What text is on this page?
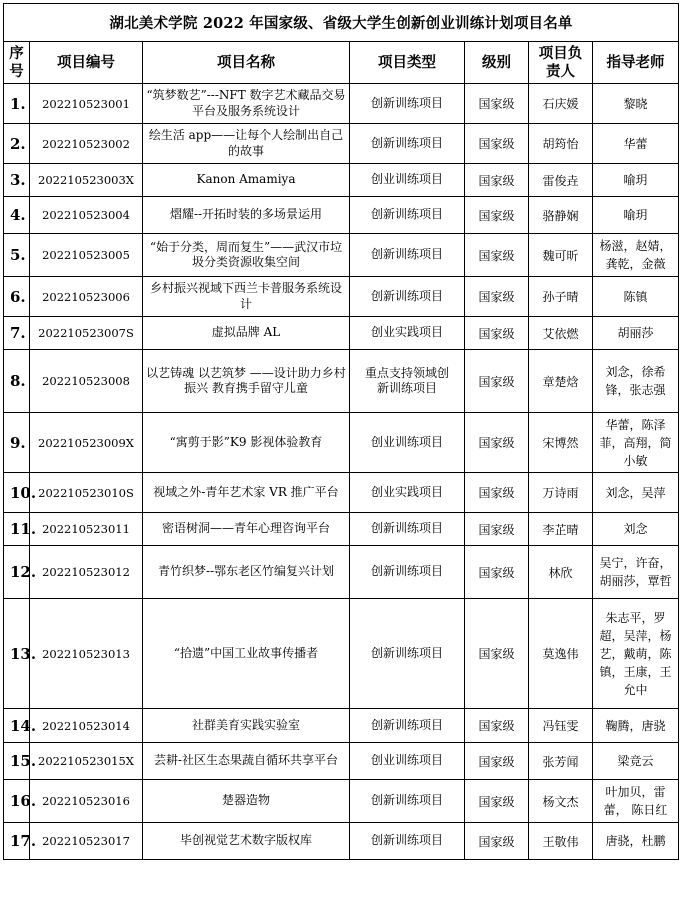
湖北美术学院 2022 年国家级、省级大学生创新创业训练计划项目名单						
序号	项目编号	项目名称	项目类型	级别	项目负责人	指导老师
1.	202210523001	“筑梦数艺”---NFT 数字艺术藏品交易平台及服务系统设计	创新训练项目	国家级	石庆媛	黎晓
2.	202210523002	绘生活 app——让每个人绘制出自己的故事	创新训练项目	国家级	胡筠怡	华蕾
3.	202210523003X	Kanon Amamiya	创业训练项目	国家级	雷俊垚	喻玥
4.	202210523004	熠耀--开拓时装的多场景运用	创新训练项目	国家级	骆静娴	喻玥
5.	202210523005	“始于分类，周而复生”——武汉市垃圾分类资源收集空间	创新训练项目	国家级	魏可昕	杨滋，赵婧，龚乾，金薇
6.	202210523006	乡村振兴视域下西兰卡普服务系统设计	创新训练项目	国家级	孙子晴	陈镇
7.	202210523007S	虚拟品牌 AL	创业实践项目	国家级	艾依燃	胡丽莎
8.	202210523008	以艺铸魂 以艺筑梦 ——设计助力乡村振兴 教育携手留守儿童	重点支持领域创新训练项目	国家级	章楚焓	刘念，徐希锋，张志强
9.	202210523009X	“寓剪于影”K9 影视体验教育	创业训练项目	国家级	宋博然	华蕾，陈泽菲，高翔，简小敏
10.	202210523010S	视域之外-青年艺术家 VR 推广平台	创业实践项目	国家级	万诗雨	刘念，吴萍
11.	202210523011	密语树洞——青年心理咨询平台	创新训练项目	国家级	李芷晴	刘念
12.	202210523012	青竹织梦--鄂东老区竹编复兴计划	创新训练项目	国家级	林欣	吴宁，许奋，胡丽莎，覃哲
13.	202210523013	“拾遗”中国工业故事传播者	创新训练项目	国家级	莫逸伟	朱志平，罗超，吴萍，杨艺，戴萌，陈镇，王康，王允中
14.	202210523014	社群美育实践实验室	创新训练项目	国家级	冯钰雯	鞠腾，唐骁
15.	202210523015X	芸耕-社区生态果蔬自循环共享平台	创业训练项目	国家级	张芳闻	梁竞云
16.	202210523016	楚器造物	创新训练项目	国家级	杨文杰	叶加贝，雷蕾， 陈日红
17.	202210523017	毕创视觉艺术数字版权库	创新训练项目	国家级	王敬伟	唐骁，杜鹏
